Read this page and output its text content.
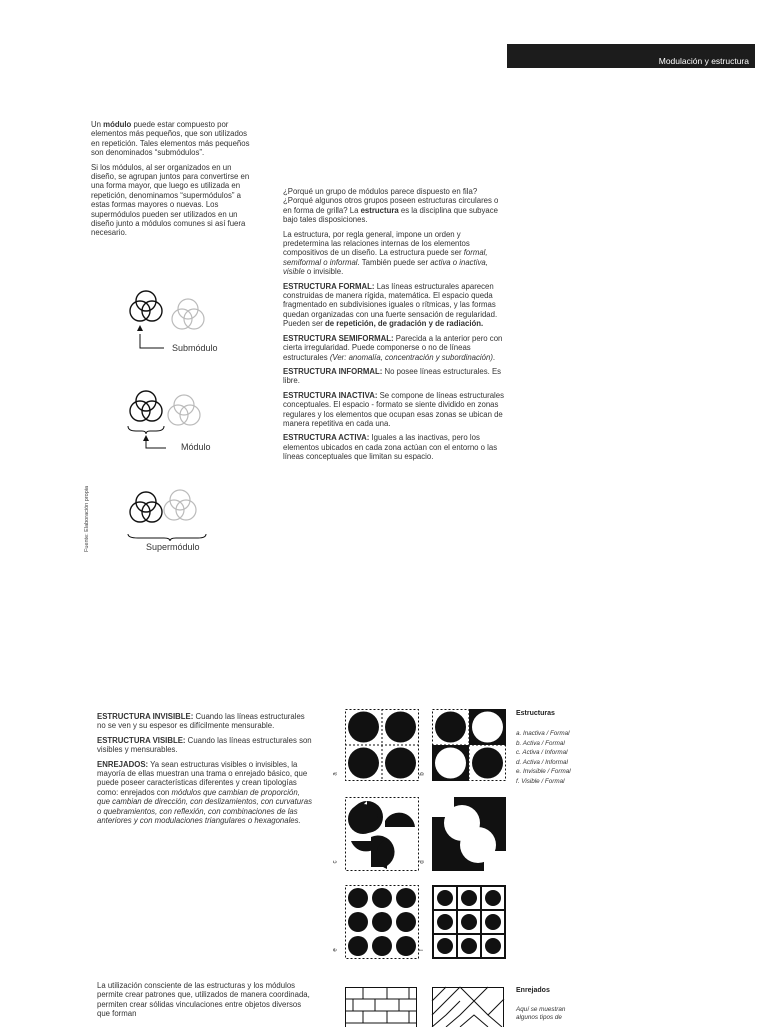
Modulación y estructura

Un módulo puede estar compuesto por elementos más pequeños, que son utilizados en repetición. Tales elementos más pequeños son denominados “submódulos”.

Si los módulos, al ser organizados en un diseño, se agrupan juntos para convertirse en una forma mayor, que luego es utilizada en repetición, denominamos “supermódulos” a estas formas mayores o nuevas. Los supermódulos pueden ser utilizados en un diseño junto a módulos comunes si así fuera necesario.

Submódulo
Módulo
Supermódulo
Fuente: Elaboración propia

¿Porqué un grupo de módulos parece dispuesto en fila? ¿Porqué algunos otros grupos poseen estructuras circulares o en forma de grilla? La estructura es la disciplina que subyace bajo tales disposiciones.

La estructura, por regla general, impone un orden y predetermina las relaciones internas de los elementos compositivos de un diseño. La estructura puede ser formal, semiformal o informal. También puede ser activa o inactiva, visible o invisible.

ESTRUCTURA FORMAL: Las líneas estructurales aparecen construidas de manera rígida, matemática. El espacio queda fragmentado en subdivisiones iguales o rítmicas, y las formas quedan organizadas con una fuerte sensación de regularidad. Pueden ser de repetición, de gradación y de radiación.

ESTRUCTURA SEMIFORMAL: Parecida a la anterior pero con cierta irregularidad. Puede componerse o no de líneas estructurales (Ver: anomalía, concentración y subordinación).

ESTRUCTURA INFORMAL: No posee líneas estructurales. Es libre.

ESTRUCTURA INACTIVA: Se compone de líneas estructurales conceptuales. El espacio - formato se siente dividido en zonas regulares y los elementos que ocupan esas zonas se ubican de manera repetitiva en cada una.

ESTRUCTURA ACTIVA: Iguales a las inactivas, pero los elementos ubicados en cada zona actúan con el entorno o las líneas conceptuales que limitan su espacio.

ESTRUCTURA INVISIBLE: Cuando las líneas estructurales no se ven y su espesor es difícilmente mensurable.

ESTRUCTURA VISIBLE: Cuando las líneas estructurales son visibles y mensurables.

ENREJADOS: Ya sean estructuras visibles o invisibles, la mayoría de ellas muestran una trama o enrejado básico, que puede poseer características diferentes y crean tipologías como: enrejados con módulos que cambian de proporción, que cambian de dirección, con deslizamientos, con curvaturas o quebramientos, con reflexión, con combinaciones de las anteriores y con modulaciones triangulares o hexagonales.

La utilización consciente de las estructuras y los módulos permite crear patrones que, utilizados de manera coordinada, permiten crear sólidas vinculaciones entre objetos diversos que forman
a	b
c	d
e	f
Estructuras
a. Inactiva / Formal
b. Activa / Formal
c. Activa / Informal
d. Activa / Informal
e. Invisible / Formal
f. Visible / Formal
Enrejados
Aquí se muestran
algunos tipos de
